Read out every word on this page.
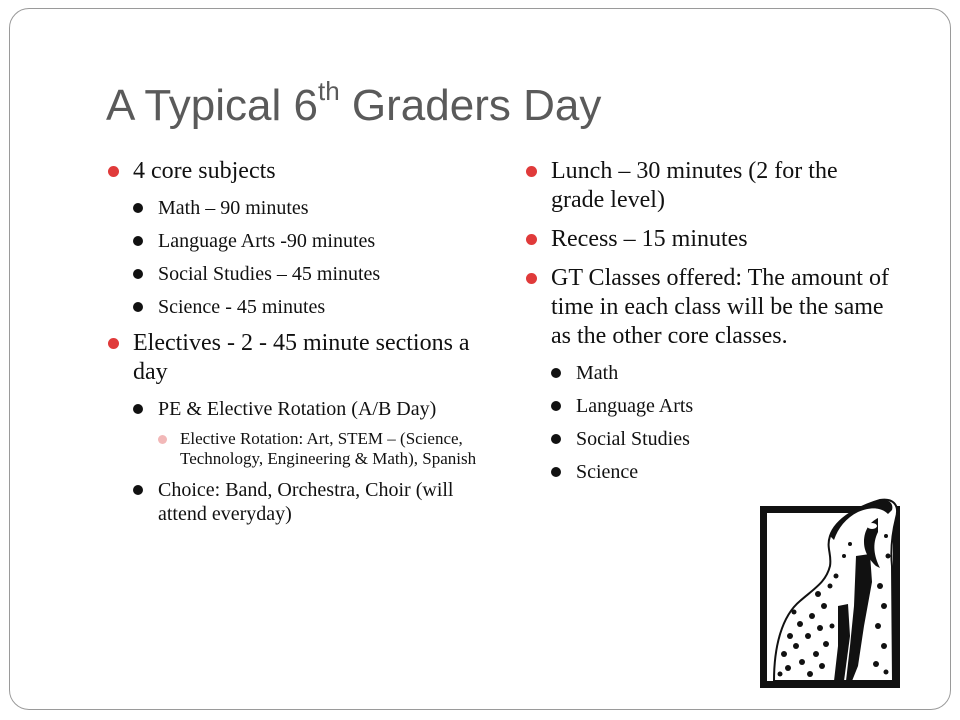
A Typical 6th Graders Day
4 core subjects
Math – 90 minutes
Language Arts -90 minutes
Social Studies – 45 minutes
Science - 45 minutes
Electives - 2 - 45 minute sections a day
PE & Elective Rotation (A/B Day)
Elective Rotation: Art, STEM – (Science, Technology, Engineering & Math), Spanish
Choice: Band, Orchestra, Choir (will attend everyday)
Lunch – 30 minutes (2 for the grade level)
Recess – 15 minutes
GT Classes offered: The amount of time in each class will be the same as the other core classes.
Math
Language Arts
Social Studies
Science
